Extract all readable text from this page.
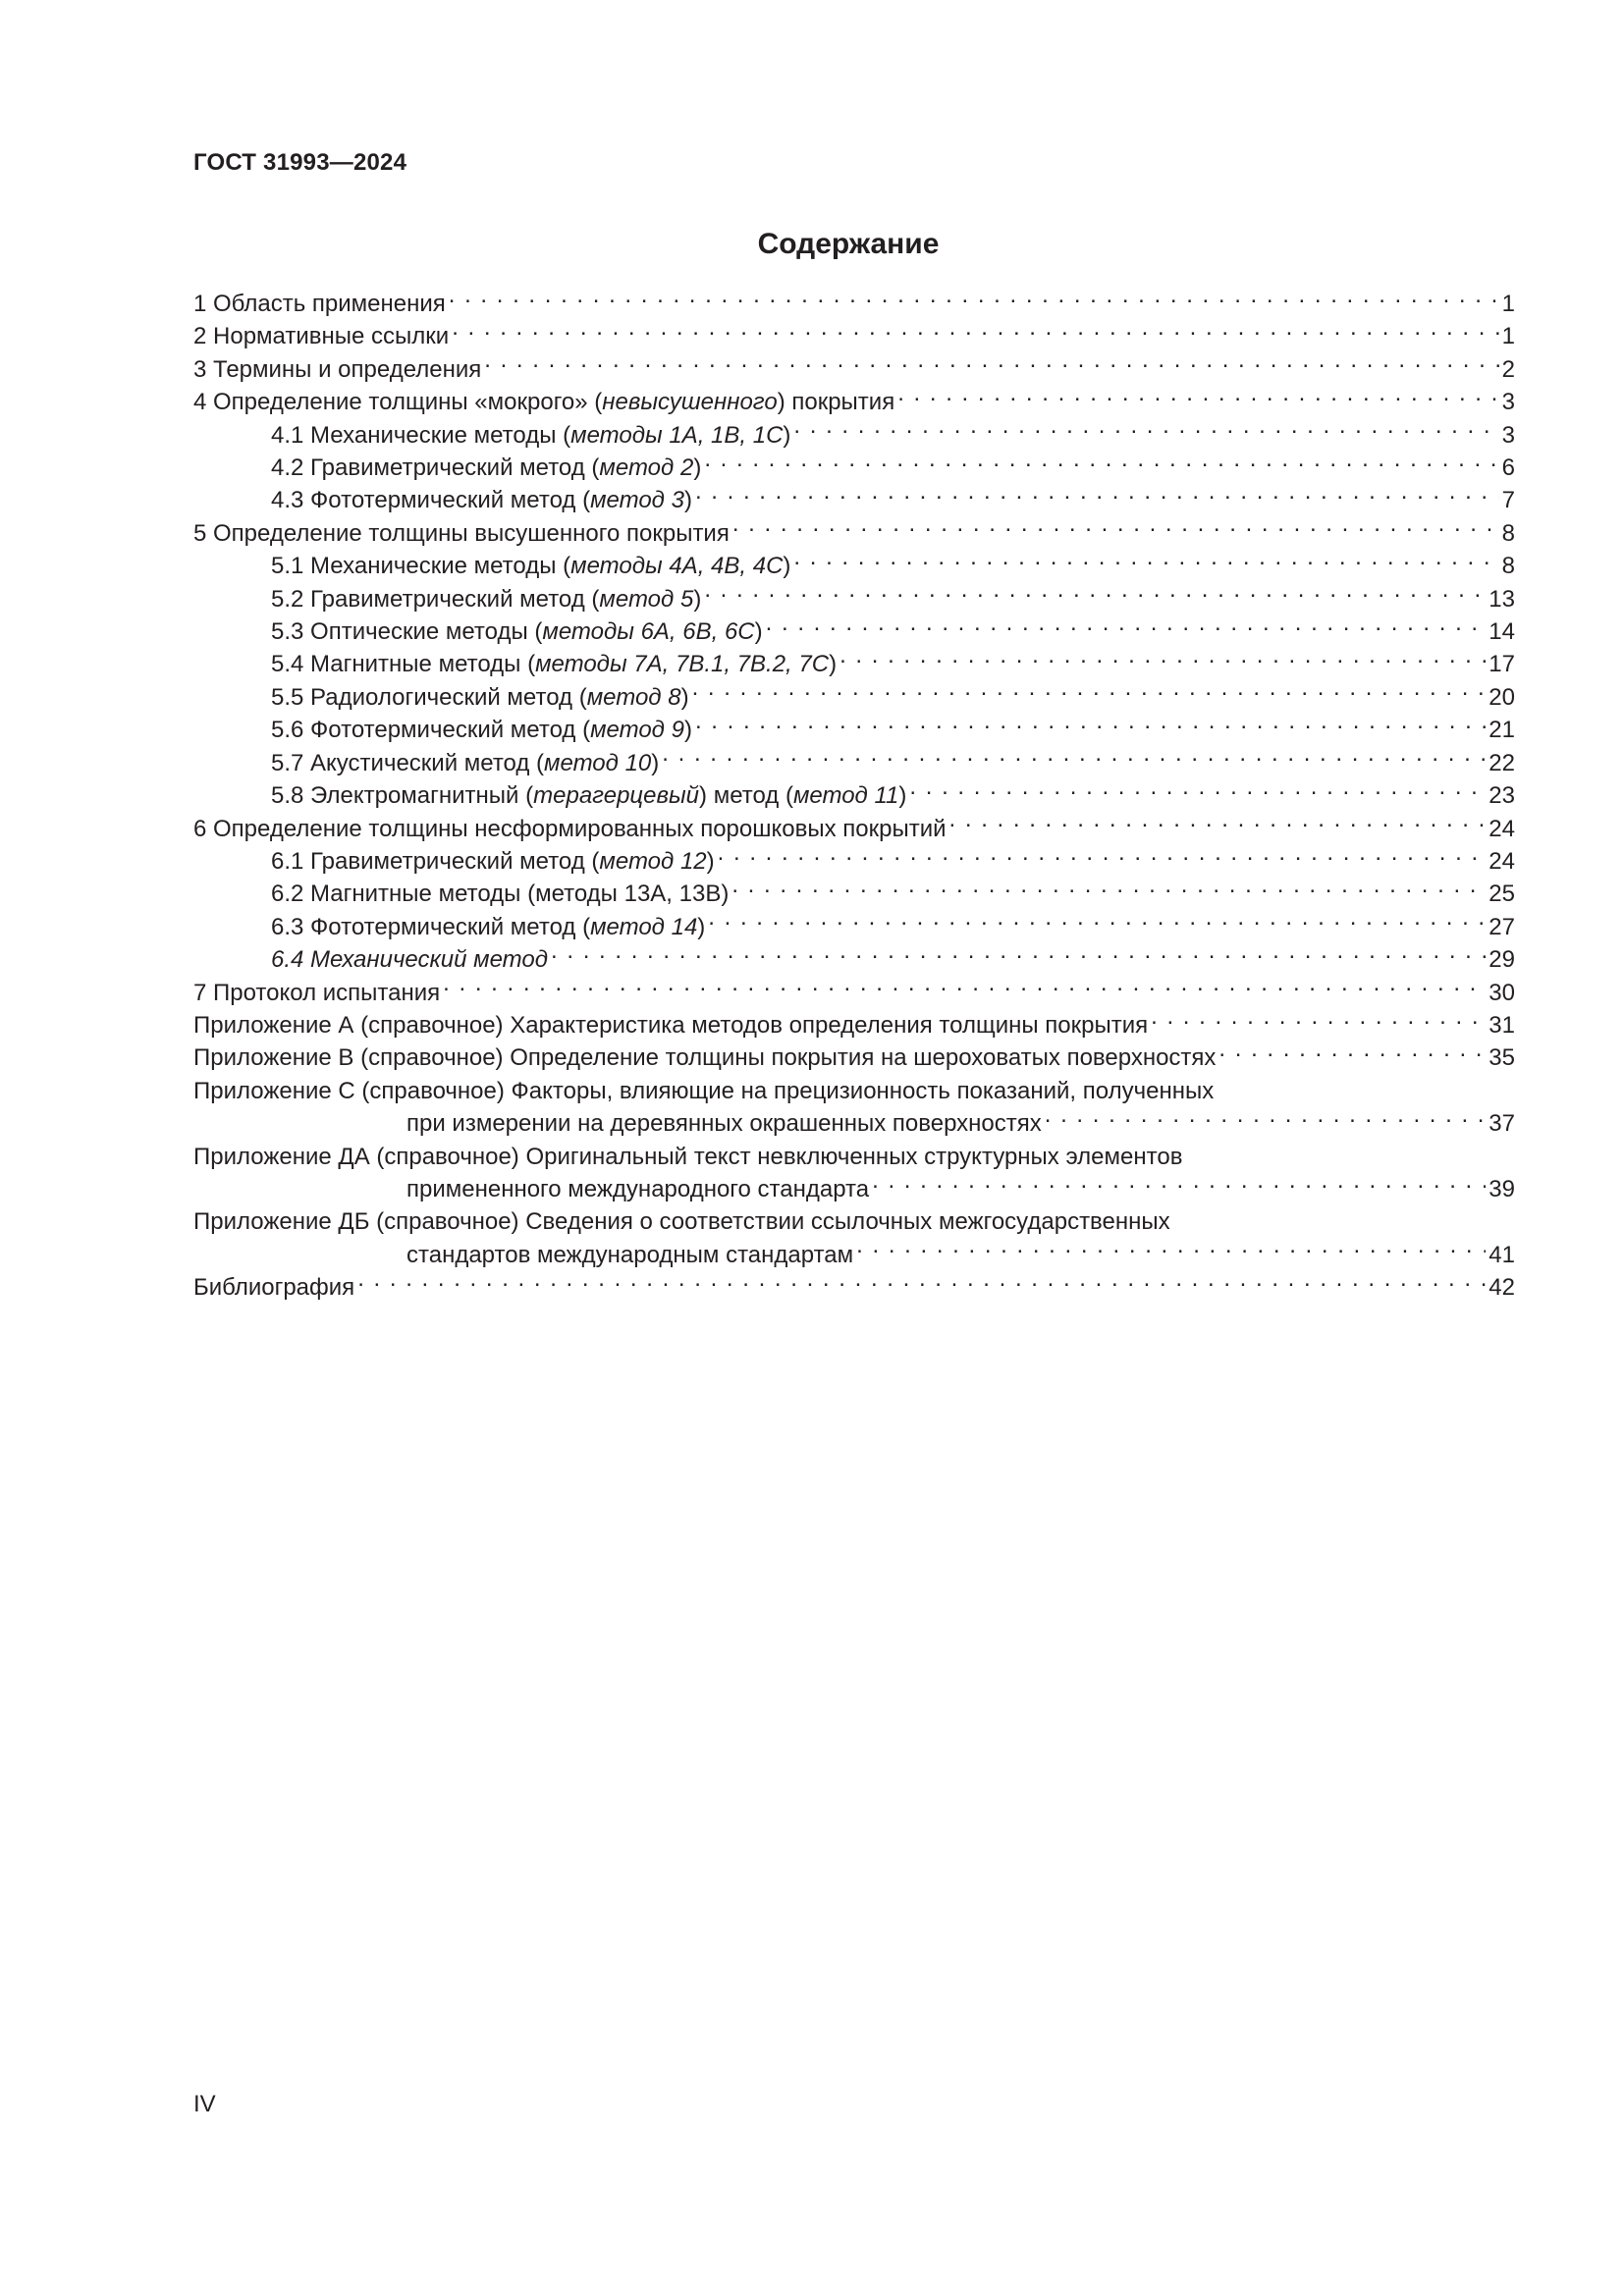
ГОСТ 31993—2024
Содержание
1 Область применения . . .	1
2 Нормативные ссылки . . .	1
3 Термины и определения . . .	2
4 Определение толщины «мокрого» (невысушенного) покрытия . . .	3
4.1 Механические методы (методы 1A, 1B, 1C) . . .	3
4.2 Гравиметрический метод (метод 2) . . .	6
4.3 Фототермический метод (метод 3) . . .	7
5 Определение толщины высушенного покрытия . . .	8
5.1 Механические методы (методы 4A, 4B, 4C) . . .	8
5.2 Гравиметрический метод (метод 5) . . .	13
5.3 Оптические методы (методы 6A, 6B, 6C) . . .	14
5.4 Магнитные методы (методы 7A, 7B.1, 7B.2, 7C) . . .	17
5.5 Радиологический метод (метод 8) . . .	20
5.6 Фототермический метод (метод 9) . . .	21
5.7 Акустический метод (метод 10) . . .	22
5.8 Электромагнитный (терагерцевый) метод (метод 11) . . .	23
6 Определение толщины несформированных порошковых покрытий . . .	24
6.1 Гравиметрический метод (метод 12) . . .	24
6.2 Магнитные методы (методы 13A, 13B) . . .	25
6.3 Фототермический метод (метод 14) . . .	27
6.4 Механический метод . . .	29
7 Протокол испытания . . .	30
Приложение А (справочное) Характеристика методов определения толщины покрытия . . .	31
Приложение В (справочное) Определение толщины покрытия на шероховатых поверхностях . . .	35
Приложение С (справочное) Факторы, влияющие на прецизионность показаний, полученных
при измерении на деревянных окрашенных поверхностях . . .	37
Приложение ДА (справочное) Оригинальный текст невключенных структурных элементов
примененного международного стандарта . . .	39
Приложение ДБ (справочное) Сведения о соответствии ссылочных межгосударственных
стандартов международным стандартам . . .	41
Библиография . . .	42
IV
